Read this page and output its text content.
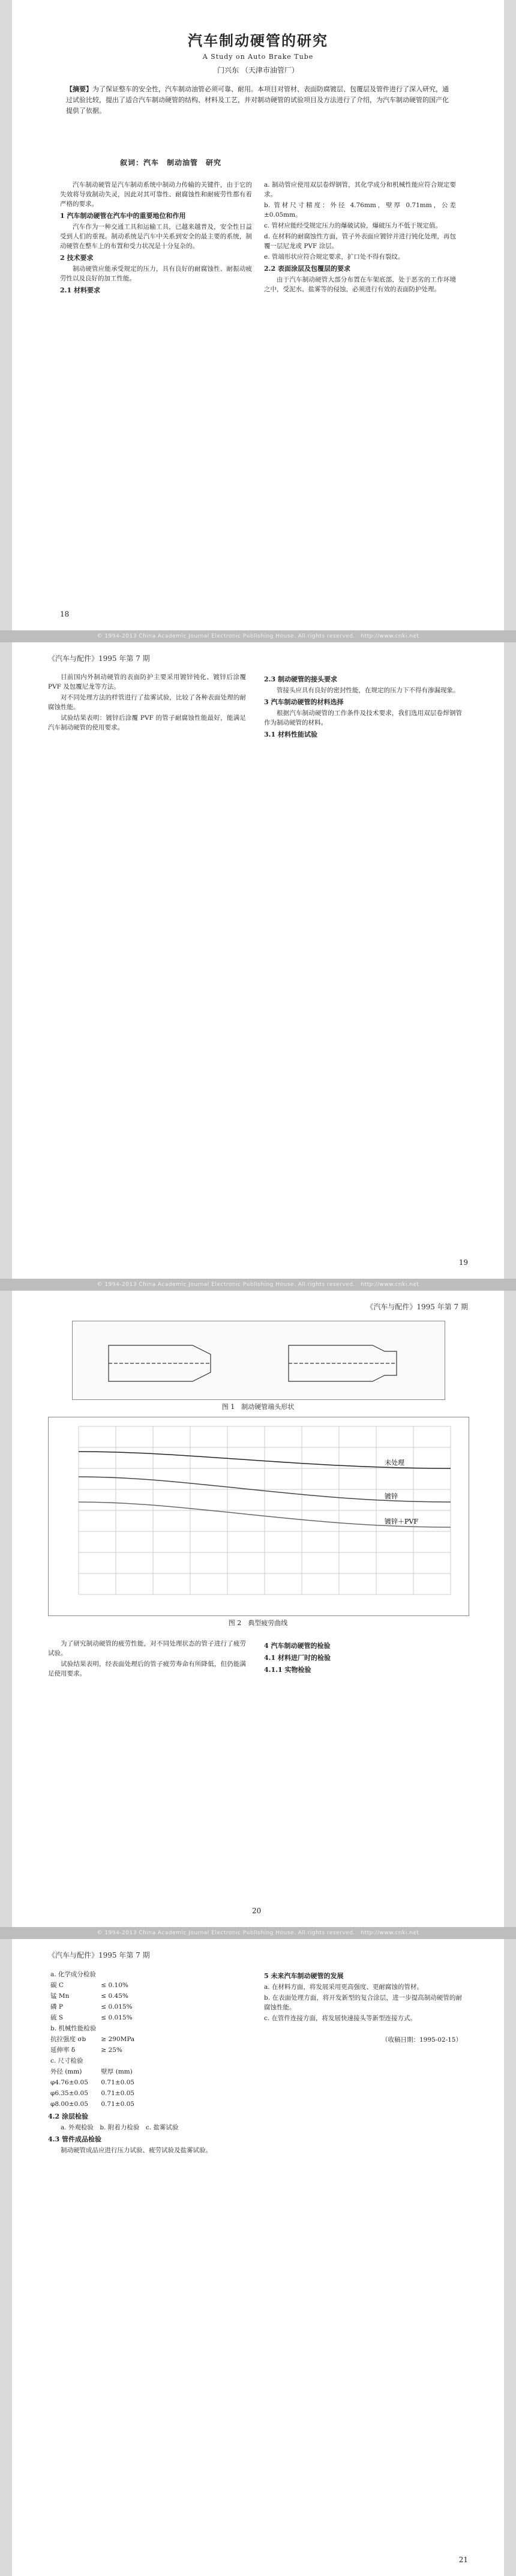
汽车制动硬管的研究
A Study on Auto Brake Tube
门兴东 （天津市油管厂）
【摘要】为了保证整车的安全性，汽车制动油管必须可靠、耐用。本项目对管材、表面防腐镀层、包覆层及管件进行了深入研究，通过试验比较，提出了适合汽车制动硬管的结构、材料及工艺，并对制动硬管的试验项目及方法进行了介绍，为汽车制动硬管的国产化提供了依据。
叙词：汽车　制动油管　研究

汽车制动硬管是汽车制动系统中制动力传输的关键件，由于它的失效将导致制动失灵，因此对其可靠性、耐腐蚀性和耐疲劳性都有着严格的要求。

1 汽车制动硬管在汽车中的重要地位和作用

汽车作为一种交通工具和运输工具，已越来越普及，安全性日益受到人们的重视。制动系统是汽车中关系到安全的最主要的系统，制动硬管在整车上的布置和受力状况是十分复杂的。

2 技术要求

制动硬管应能承受规定的压力，具有良好的耐腐蚀性、耐振动疲劳性以及良好的加工性能。

2.1 材料要求

a. 制动管应使用双层卷焊钢管，其化学成分和机械性能应符合规定要求。

b. 管材尺寸精度：外径 4.76mm，壁厚 0.71mm，公差±0.05mm。

c. 管材应能经受规定压力的爆破试验，爆破压力不低于规定值。

d. 在材料的耐腐蚀性方面，管子外表面应镀锌并进行钝化处理，再包覆一层尼龙或 PVF 涂层。

e. 管端形状应符合规定要求，扩口处不得有裂纹。

2.2 表面涂层及包覆层的要求

由于汽车制动硬管大部分布置在车架底部，处于恶劣的工作环境之中，受泥水、盐雾等的侵蚀，必须进行有效的表面防护处理。

18
© 1994-2013 China Academic Journal Electronic Publishing House. All rights reserved.　http://www.cnki.net
《汽车与配件》1995 年第 7 期

目前国内外制动硬管的表面防护主要采用镀锌钝化、镀锌后涂覆 PVF 及包覆尼龙等方法。

对不同处理方法的样管进行了盐雾试验，比较了各种表面处理的耐腐蚀性能。

试验结果表明：镀锌后涂覆 PVF 的管子耐腐蚀性能最好，能满足汽车制动硬管的使用要求。

2.3 制动硬管的接头要求

管接头应具有良好的密封性能，在规定的压力下不得有渗漏现象。

3 汽车制动硬管的材料选择

根据汽车制动硬管的工作条件及技术要求，我们选用双层卷焊钢管作为制动硬管的材料。

3.1 材料性能试验
19
© 1994-2013 China Academic Journal Electronic Publishing House. All rights reserved.　http://www.cnki.net
《汽车与配件》1995 年第 7 期
图 1　制动硬管端头形状
未处理
镀锌
镀锌＋PVF
图 2　典型疲劳曲线

为了研究制动硬管的疲劳性能，对不同处理状态的管子进行了疲劳试验。

试验结果表明，经表面处理后的管子疲劳寿命有所降低，但仍能满足使用要求。

4 汽车制动硬管的检验
4.1 材料进厂时的检验
4.1.1 实物检验
20
© 1994-2013 China Academic Journal Electronic Publishing House. All rights reserved.　http://www.cnki.net
《汽车与配件》1995 年第 7 期
a. 化学成分检验	
碳 C	≤ 0.10%
锰 Mn	≤ 0.45%
磷 P	≤ 0.015%
硫 S	≤ 0.015%
b. 机械性能检验	
抗拉强度 σb	≥ 290MPa
延伸率 δ	≥ 25%
c. 尺寸检验	
外径 (mm)	壁厚 (mm)
φ4.76±0.05	0.71±0.05
φ6.35±0.05	0.71±0.05
φ8.00±0.05	0.71±0.05
4.2 涂层检验

a. 外观检验　b. 附着力检验　c. 盐雾试验

4.3 管件成品检验

制动硬管成品应进行压力试验、疲劳试验及盐雾试验。

5 未来汽车制动硬管的发展

a. 在材料方面，将发展采用更高强度、更耐腐蚀的管材。

b. 在表面处理方面，将开发新型的复合涂层，进一步提高制动硬管的耐腐蚀性能。

c. 在管件连接方面，将发展快速接头等新型连接方式。

（收稿日期：1995-02-15）

21
